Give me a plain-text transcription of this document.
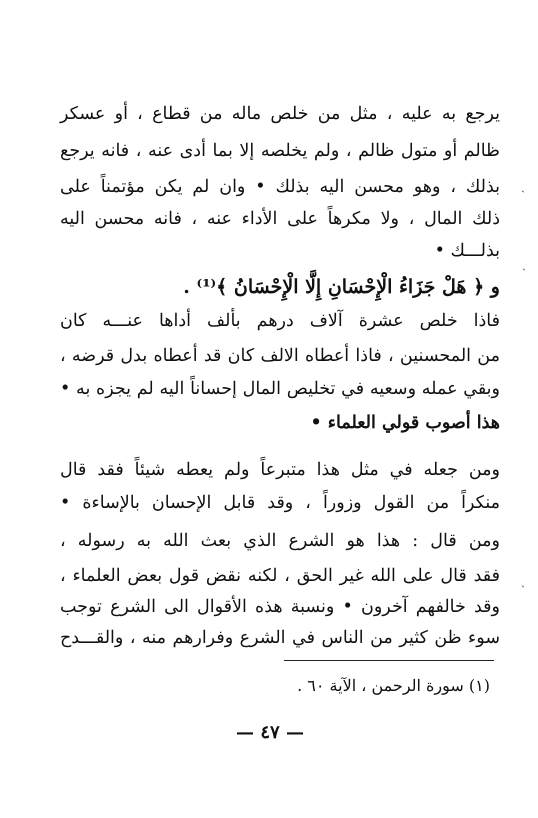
يرجع به عليه ، مثل من خلص ماله من قطاع ، أو عسكر
ظالم أو متول ظالم ، ولم يخلصه إلا بما أدى عنه ، فانه يرجع
بذلك ، وهو محسن اليه بذلك • وان لم يكن مؤتمناً على
ذلك المال ، ولا مكرهاً على الأداء عنه ، فانه محسن اليه
بذلـــك •
و ﴿ هَلْ جَزَاءُ الْإِحْسَانِ إِلَّا الْإِحْسَانُ ﴾⁽¹⁾ .
فاذا خلص عشرة آلاف درهم بألف أداها عنـــه كان
من المحسنين ، فاذا أعطاه الالف كان قد أعطاه بدل قرضه ،
وبقي عمله وسعيه في تخليص المال إحساناً اليه لم يجزه به •
هذا أصوب قولي العلماء •
ومن جعله في مثل هذا متبرعاً ولم يعطه شيئاً فقد قال
منكراً من القول وزوراً ، وقد قابل الإحسان بالإساءة •
ومن قال : هذا هو الشرع الذي بعث الله به رسوله ،
فقد قال على الله غير الحق ، لكنه نقض قول بعض العلماء ،
وقد خالفهم آخرون • ونسبة هذه الأقوال الى الشرع توجب
سوء ظن كثير من الناس في الشرع وفرارهم منه ، والقـــدح
(١) سورة الرحمن ، الآية ٦٠ .
— ٤٧ —
ˏ
ˏ
ˏ
